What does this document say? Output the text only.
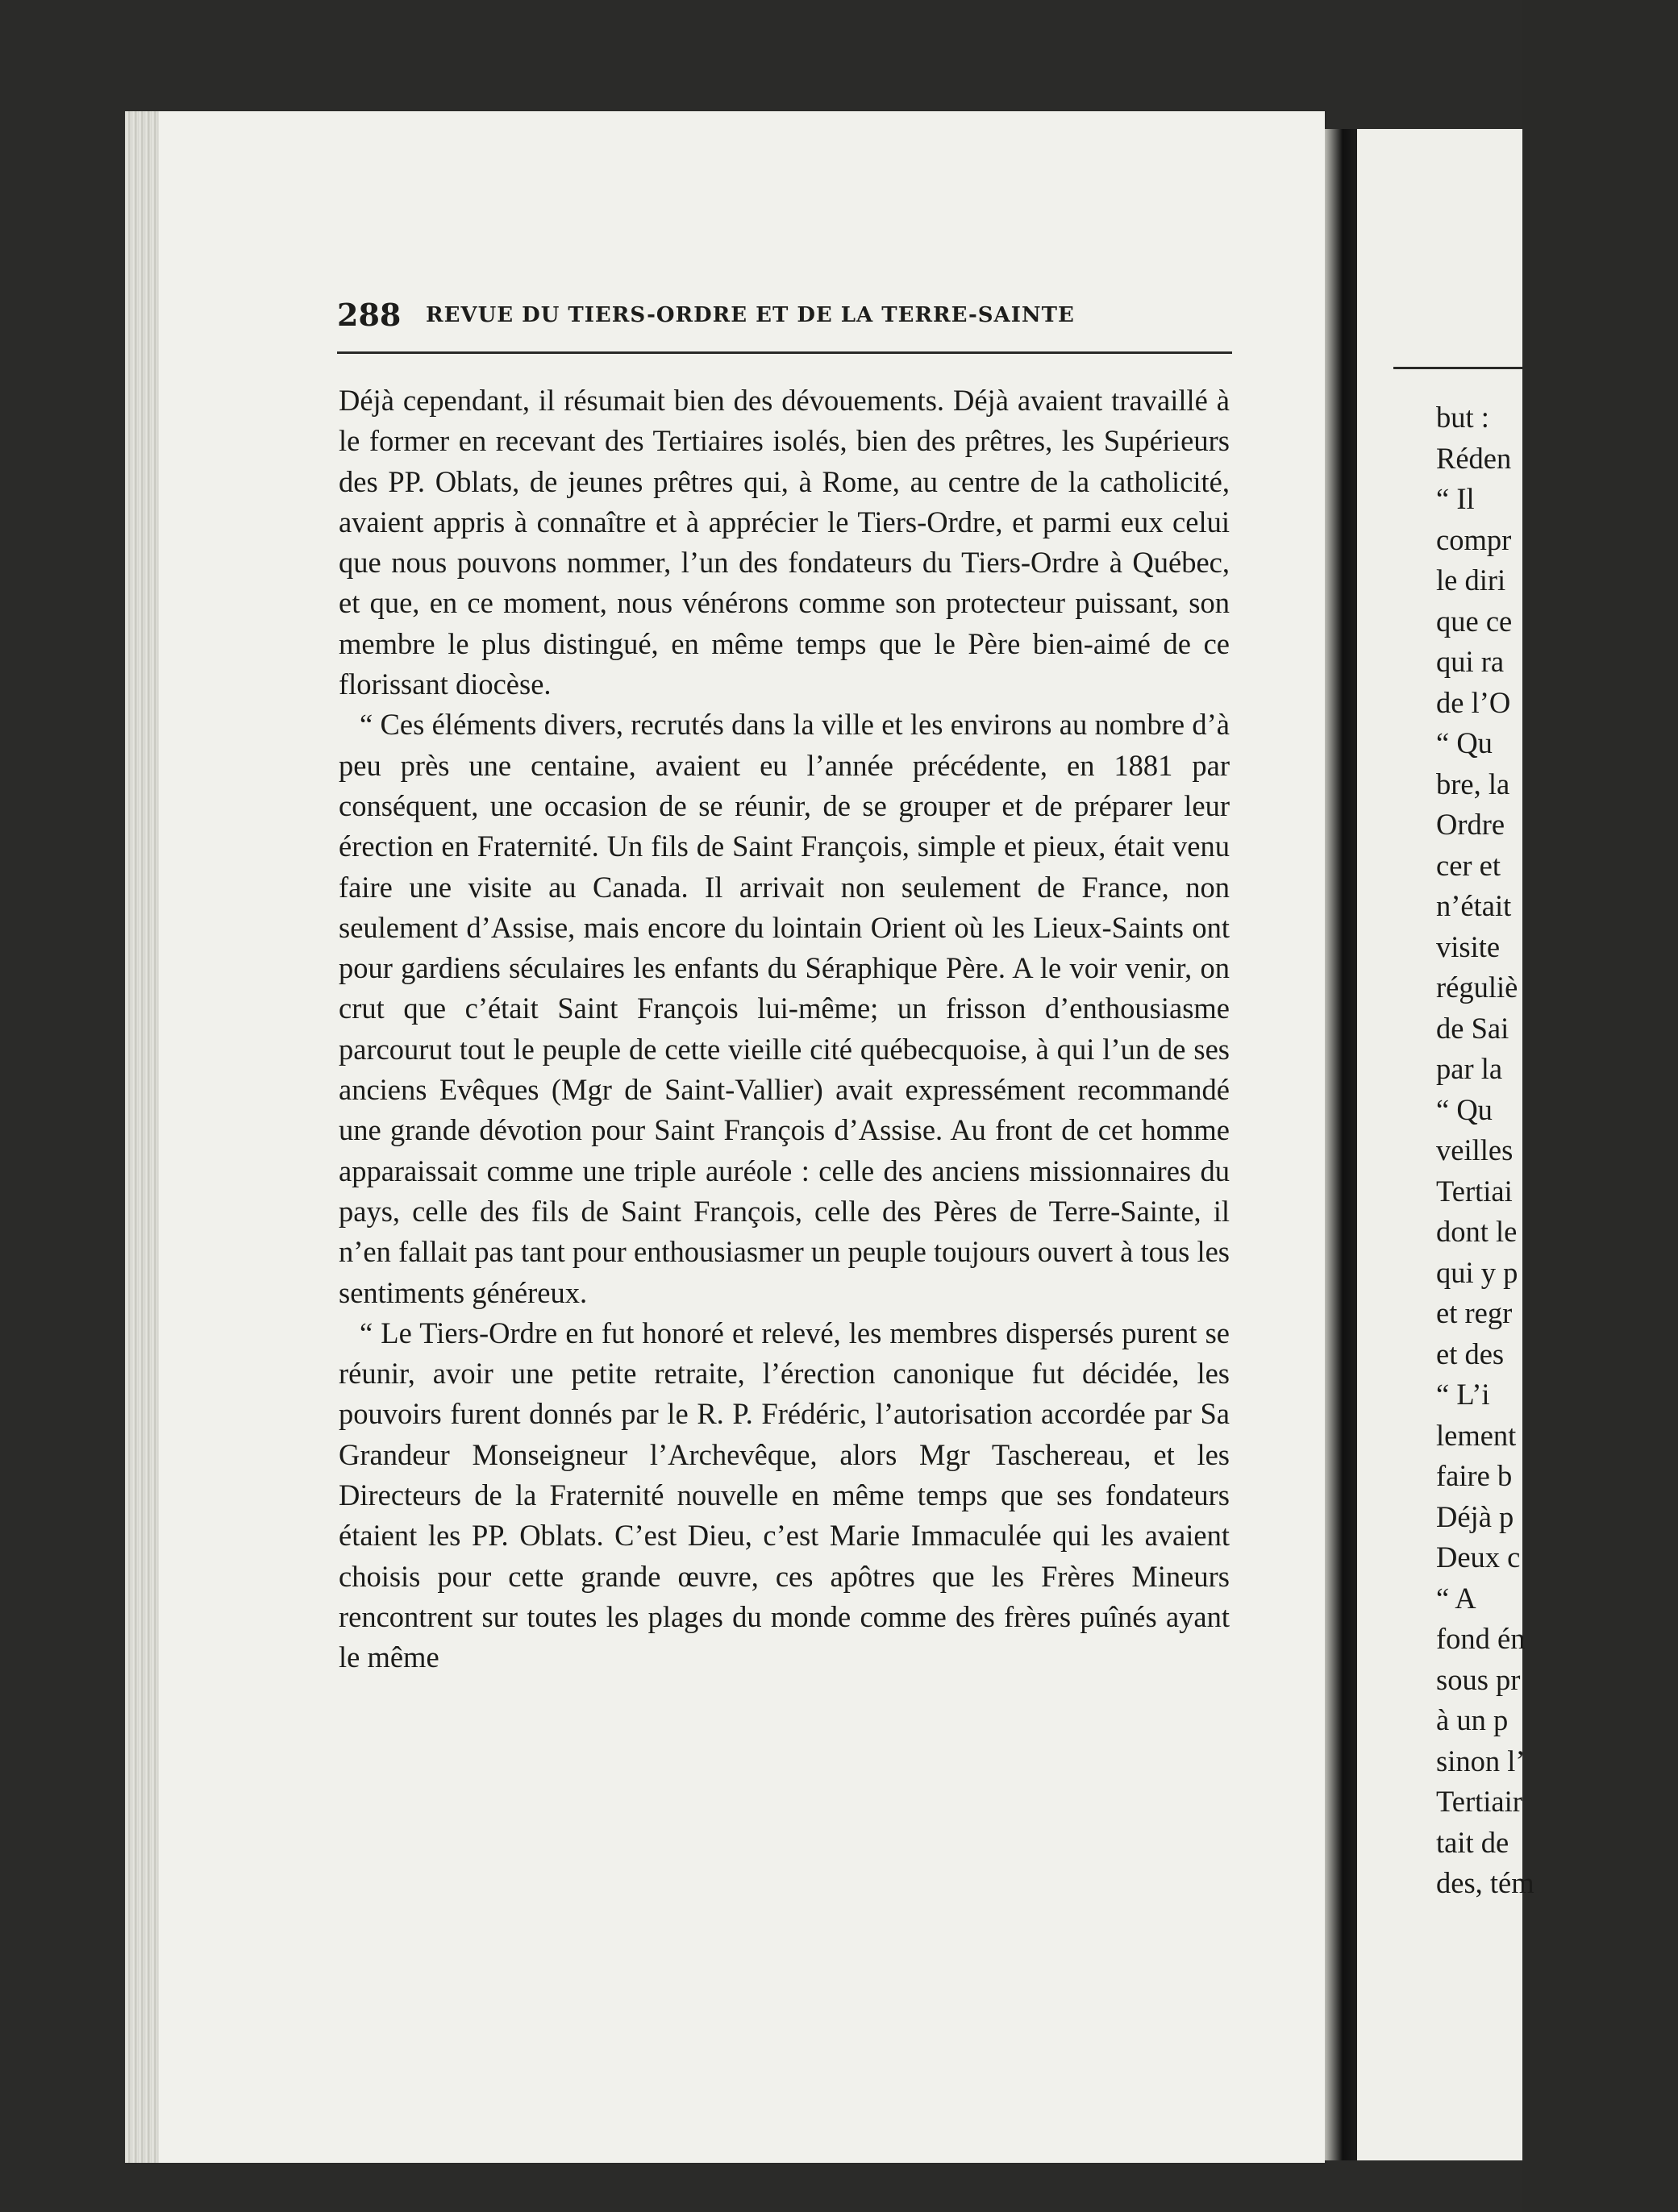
288 REVUE DU TIERS-ORDRE ET DE LA TERRE-SAINTE

Déjà cependant, il résumait bien des dévouements. Déjà avaient travaillé à le former en recevant des Tertiaires isolés, bien des prêtres, les Supérieurs des PP. Oblats, de jeunes prêtres qui, à Rome, au centre de la catholicité, avaient appris à connaître et à apprécier le Tiers-Ordre, et parmi eux celui que nous pouvons nommer, l’un des fondateurs du Tiers-Ordre à Québec, et que, en ce moment, nous vénérons comme son protecteur puissant, son membre le plus distingué, en même temps que le Père bien-aimé de ce florissant diocèse.

“ Ces éléments divers, recrutés dans la ville et les environs au nombre d’à peu près une centaine, avaient eu l’année précédente, en 1881 par conséquent, une occasion de se réunir, de se grouper et de préparer leur érection en Fraternité. Un fils de Saint François, simple et pieux, était venu faire une visite au Canada. Il arrivait non seulement de France, non seulement d’Assise, mais encore du lointain Orient où les Lieux-Saints ont pour gardiens séculaires les enfants du Séraphique Père. A le voir venir, on crut que c’était Saint François lui-même; un frisson d’enthousiasme parcourut tout le peuple de cette vieille cité québecquoise, à qui l’un de ses anciens Evêques (Mgr de Saint-Vallier) avait expressément recommandé une grande dévotion pour Saint François d’Assise. Au front de cet homme apparaissait comme une triple auréole : celle des anciens missionnaires du pays, celle des fils de Saint François, celle des Pères de Terre-Sainte, il n’en fallait pas tant pour enthousiasmer un peuple toujours ouvert à tous les sentiments généreux.

“ Le Tiers-Ordre en fut honoré et relevé, les membres dispersés purent se réunir, avoir une petite retraite, l’érection canonique fut décidée, les pouvoirs furent donnés par le R. P. Frédéric, l’autorisation accordée par Sa Grandeur Monseigneur l’Archevêque, alors Mgr Taschereau, et les Directeurs de la Fraternité nouvelle en même temps que ses fondateurs étaient les PP. Oblats. C’est Dieu, c’est Marie Immaculée qui les avaient choisis pour cette grande œuvre, ces apôtres que les Frères Mineurs rencontrent sur toutes les plages du monde comme des frères puînés ayant le même

but :
Réden
“ Il
compr
le diri
que ce
qui ra
de l’O
“ Qu
bre, la
Ordre
cer et
n’était
visite
réguliè
de Sai
par la
“ Qu
veilles
Tertiai
dont le
qui y p
et regr
et des
“ L’i
lement
faire b
Déjà p
Deux c
“ A
fond én
sous pr
à un p
sinon l’
Tertiair
tait de
des, tém
